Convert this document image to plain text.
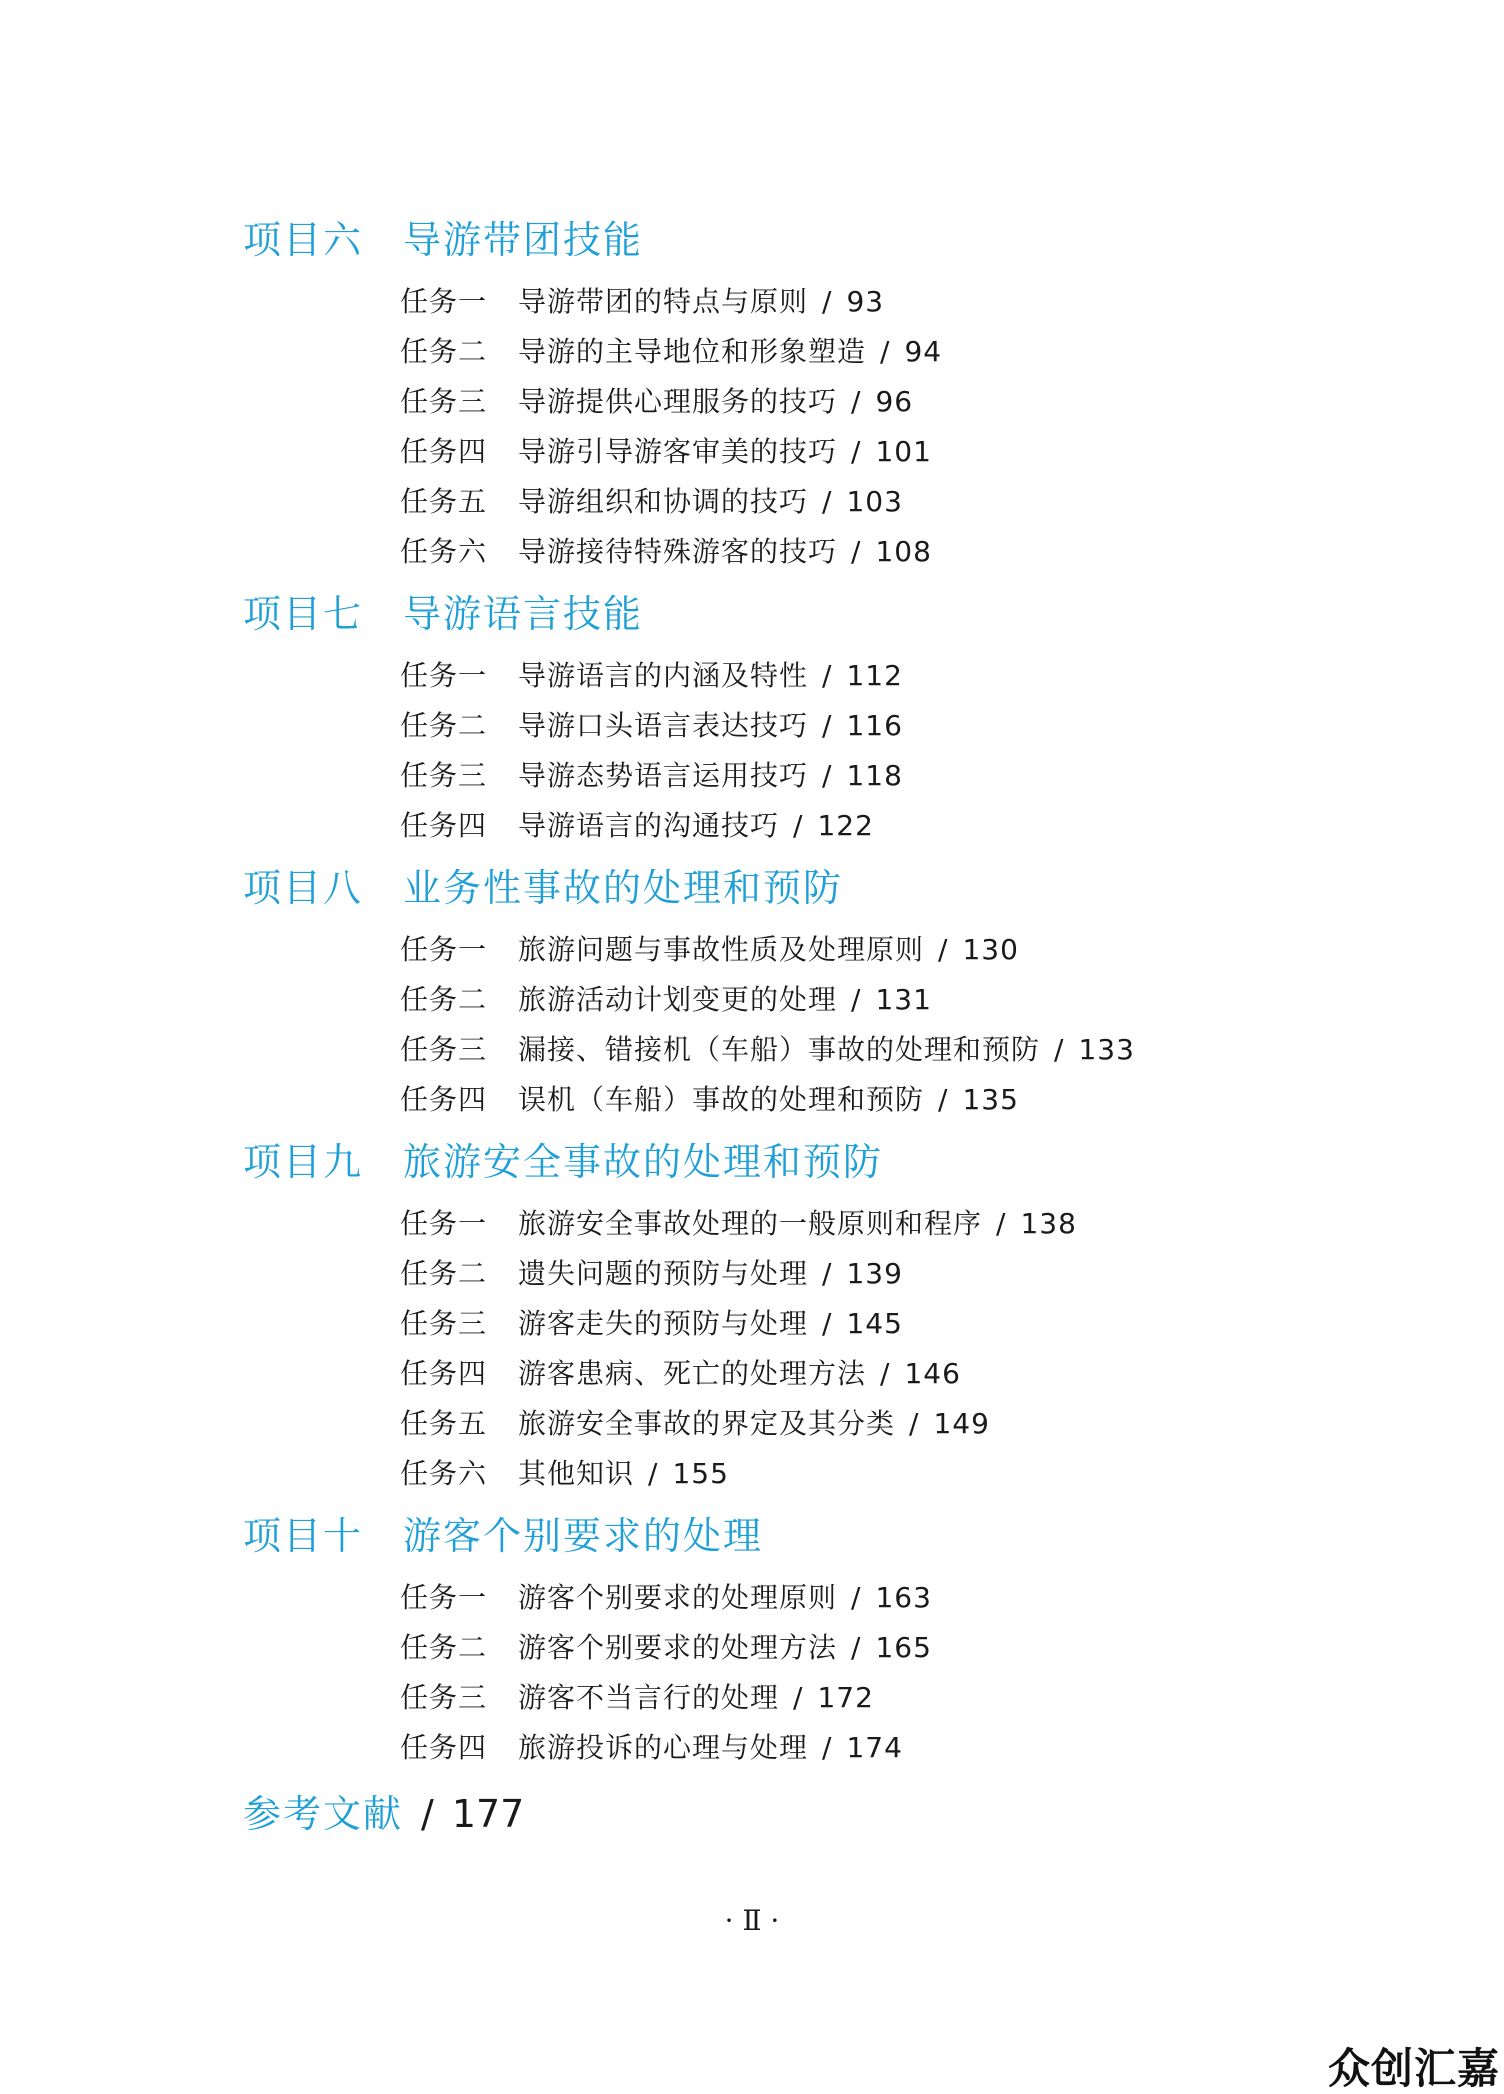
项目六 导游带团技能
任务一 导游带团的特点与原则 / 93
任务二 导游的主导地位和形象塑造 / 94
任务三 导游提供心理服务的技巧 / 96
任务四 导游引导游客审美的技巧 / 101
任务五 导游组织和协调的技巧 / 103
任务六 导游接待特殊游客的技巧 / 108
项目七 导游语言技能
任务一 导游语言的内涵及特性 / 112
任务二 导游口头语言表达技巧 / 116
任务三 导游态势语言运用技巧 / 118
任务四 导游语言的沟通技巧 / 122
项目八 业务性事故的处理和预防
任务一 旅游问题与事故性质及处理原则 / 130
任务二 旅游活动计划变更的处理 / 131
任务三 漏接、错接机（车船）事故的处理和预防 / 133
任务四 误机（车船）事故的处理和预防 / 135
项目九 旅游安全事故的处理和预防
任务一 旅游安全事故处理的一般原则和程序 / 138
任务二 遗失问题的预防与处理 / 139
任务三 游客走失的预防与处理 / 145
任务四 游客患病、死亡的处理方法 / 146
任务五 旅游安全事故的界定及其分类 / 149
任务六 其他知识 / 155
项目十 游客个别要求的处理
任务一 游客个别要求的处理原则 / 163
任务二 游客个别要求的处理方法 / 165
任务三 游客不当言行的处理 / 172
任务四 旅游投诉的心理与处理 / 174
参考文献 / 177
· Ⅱ ·
众创汇嘉
